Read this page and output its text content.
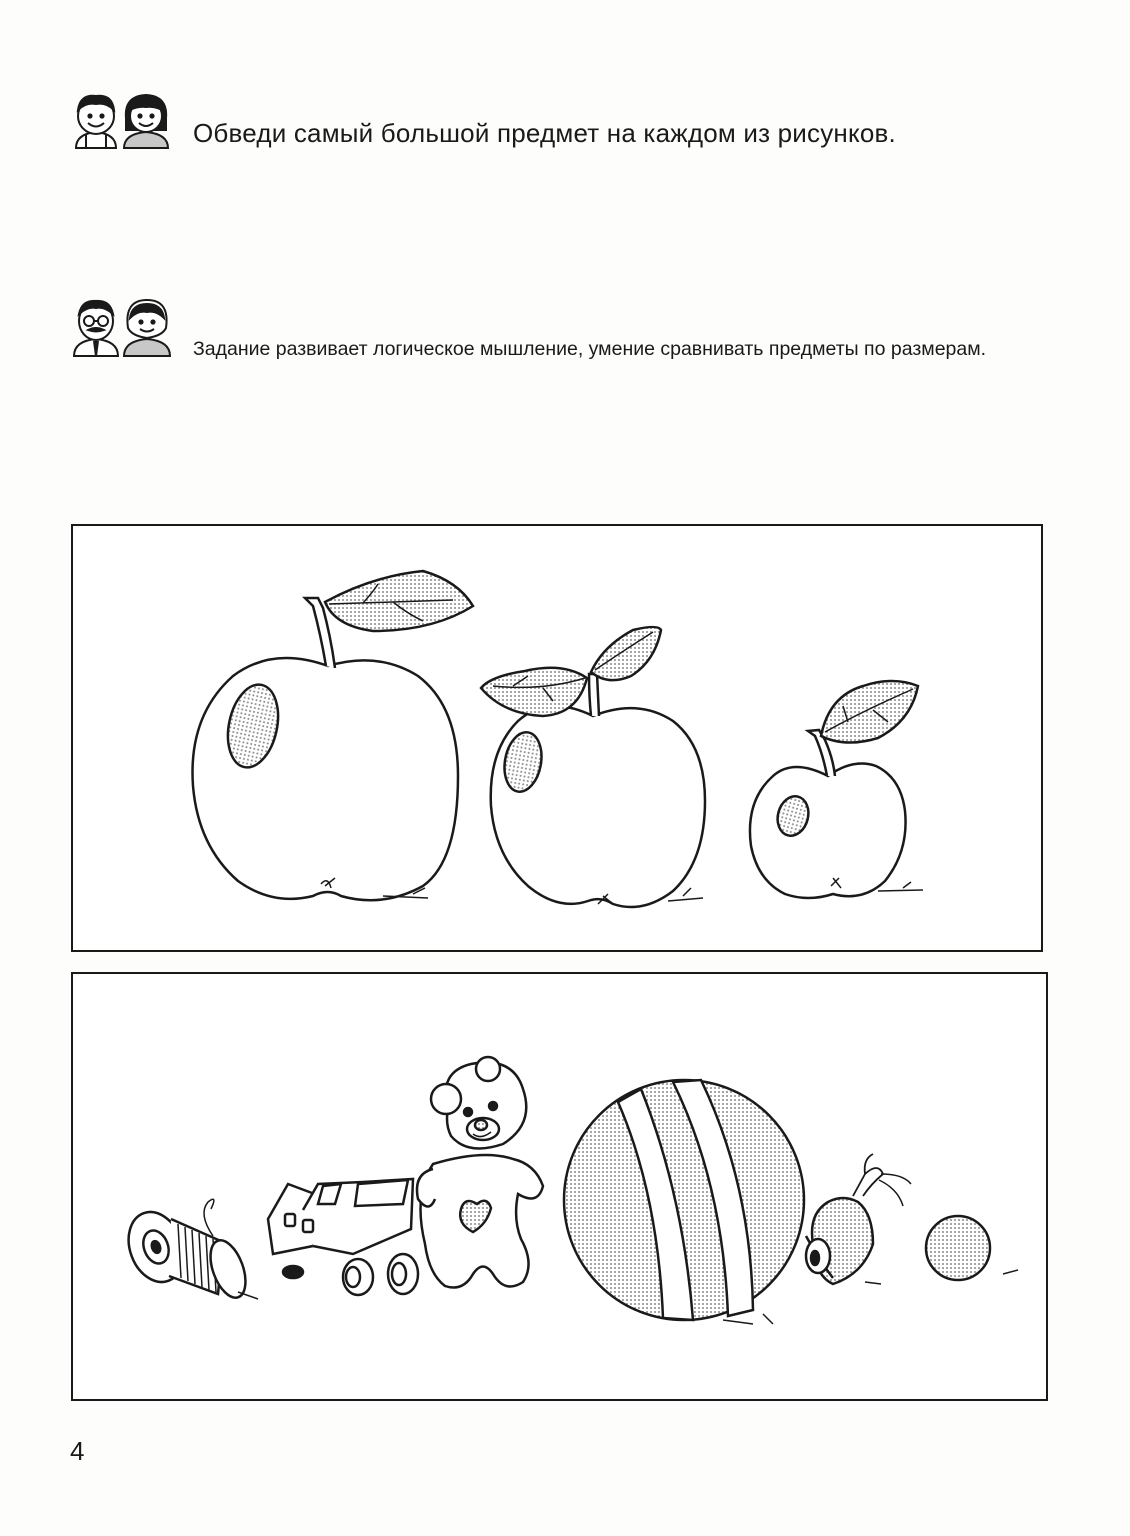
Обведи самый большой предмет на каждом из рисунков.
Задание развивает логическое мышление, умение сравнивать предметы по размерам.
4
